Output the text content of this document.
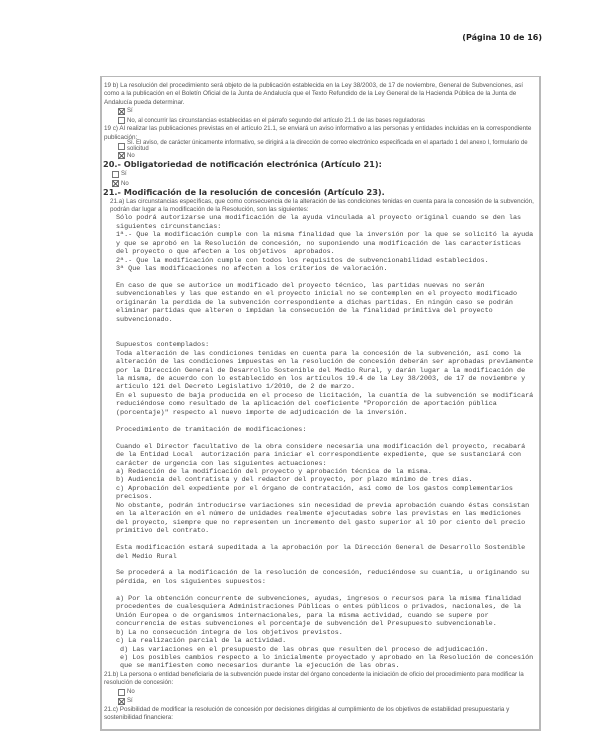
(Página 10 de 16)
19 b) La resolución del procedimiento será objeto de la publicación establecida en la Ley 38/2003, de 17 de noviembre, General de Subvenciones, así como a la publicación en el Boletín Oficial de la Junta de Andalucía que el Texto Refundido de la Ley General de la Hacienda Pública de la Junta de Andalucía pueda determinar.
Sí
No, al concurrir las circunstancias establecidas en el párrafo segundo del artículo 21.1 de las bases reguladoras
19 c) Al realizar las publicaciones previstas en el artículo 21.1, se enviará un aviso informativo a las personas y entidades incluidas en la correspondiente publicación:
Sí. El aviso, de carácter únicamente informativo, se dirigirá a la dirección de correo electrónico especificada en el apartado 1 del anexo I, formulario de solicitud
No
20.- Obligatoriedad de notificación electrónica (Artículo 21):
Sí
No
21.- Modificación de la resolución de concesión (Artículo 23).
21.a) Las circunstancias específicas, que como consecuencia de la alteración de las condiciones tenidas en cuenta para la concesión de la subvención, podrán dar lugar a la modificación de la Resolución, son las siguientes:
Sólo podrá autorizarse una modificación de la ayuda vinculada al proyecto original cuando se den las
siguientes circunstancias:
1ª.- Que la modificación cumple con la misma finalidad que la inversión por la que se solicitó la ayuda
y que se aprobó en la Resolución de concesión, no suponiendo una modificación de las características
del proyecto o que afecten a los objetivos  aprobados.
2ª.- Que la modificación cumple con todos los requisitos de subvencionabilidad establecidos.
3ª Que las modificaciones no afecten a los criterios de valoración.

En caso de que se autorice un modificado del proyecto técnico, las partidas nuevas no serán
subvencionables y las que estando en el proyecto inicial no se contemplen en el proyecto modificado
originarán la perdida de la subvención correspondiente a dichas partidas. En ningún caso se podrán
eliminar partidas que alteren o impidan la consecución de la finalidad primitiva del proyecto
subvencionado.

Supuestos contemplados:
Toda alteración de las condiciones tenidas en cuenta para la concesión de la subvención, así como la
alteración de las condiciones impuestas en la resolución de concesión deberán ser aprobadas previamente
por la Dirección General de Desarrollo Sostenible del Medio Rural, y darán lugar a la modificación de
la misma, de acuerdo con lo establecido en los artículos 19.4 de la Ley 38/2003, de 17 de noviembre y
artículo 121 del Decreto Legislativo 1/2010, de 2 de marzo.
En el supuesto de baja producida en el proceso de licitación, la cuantía de la subvención se modificará
reduciéndose como resultado de la aplicación del coeficiente "Proporción de aportación pública
(porcentaje)" respecto al nuevo importe de adjudicación de la inversión.

Procedimiento de tramitación de modificaciones:

Cuando el Director facultativo de la obra considere necesaria una modificación del proyecto, recabará
de la Entidad Local  autorización para iniciar el correspondiente expediente, que se sustanciará con
carácter de urgencia con las siguientes actuaciones:
a) Redacción de la modificación del proyecto y aprobación técnica de la misma.
b) Audiencia del contratista y del redactor del proyecto, por plazo mínimo de tres días.
c) Aprobación del expediente por el órgano de contratación, así como de los gastos complementarios
precisos.
No obstante, podrán introducirse variaciones sin necesidad de previa aprobación cuando éstas consistan
en la alteración en el número de unidades realmente ejecutadas sobre las previstas en las mediciones
del proyecto, siempre que no representen un incremento del gasto superior al 10 por ciento del precio
primitivo del contrato.

Esta modificación estará supeditada a la aprobación por la Dirección General de Desarrollo Sostenible
del Medio Rural

Se procederá a la modificación de la resolución de concesión, reduciéndose su cuantía, u originando su
pérdida, en los siguientes supuestos:

a) Por la obtención concurrente de subvenciones, ayudas, ingresos o recursos para la misma finalidad
procedentes de cualesquiera Administraciones Públicas o entes públicos o privados, nacionales, de la
Unión Europea o de organismos internacionales, para la misma actividad, cuando se supere por
concurrencia de estas subvenciones el porcentaje de subvención del Presupuesto subvencionable.
b) La no consecución íntegra de los objetivos previstos.
c) La realización parcial de la actividad.
d) Las variaciones en el presupuesto de las obras que resulten del proceso de adjudicación.
e) Los posibles cambios respecto a lo inicialmente proyectado y aprobado en la Resolución de concesión
que se manifiesten como necesarios durante la ejecución de las obras.
21.b) La persona o entidad beneficiaria de la subvención puede instar del órgano concedente la iniciación de oficio del procedimiento para modificar la resolución de concesión:
No
Sí
21.c) Posibilidad de modificar la resolución de concesión por decisiones dirigidas al cumplimiento de los objetivos de estabilidad presupuestaria y sostenibilidad financiera:
